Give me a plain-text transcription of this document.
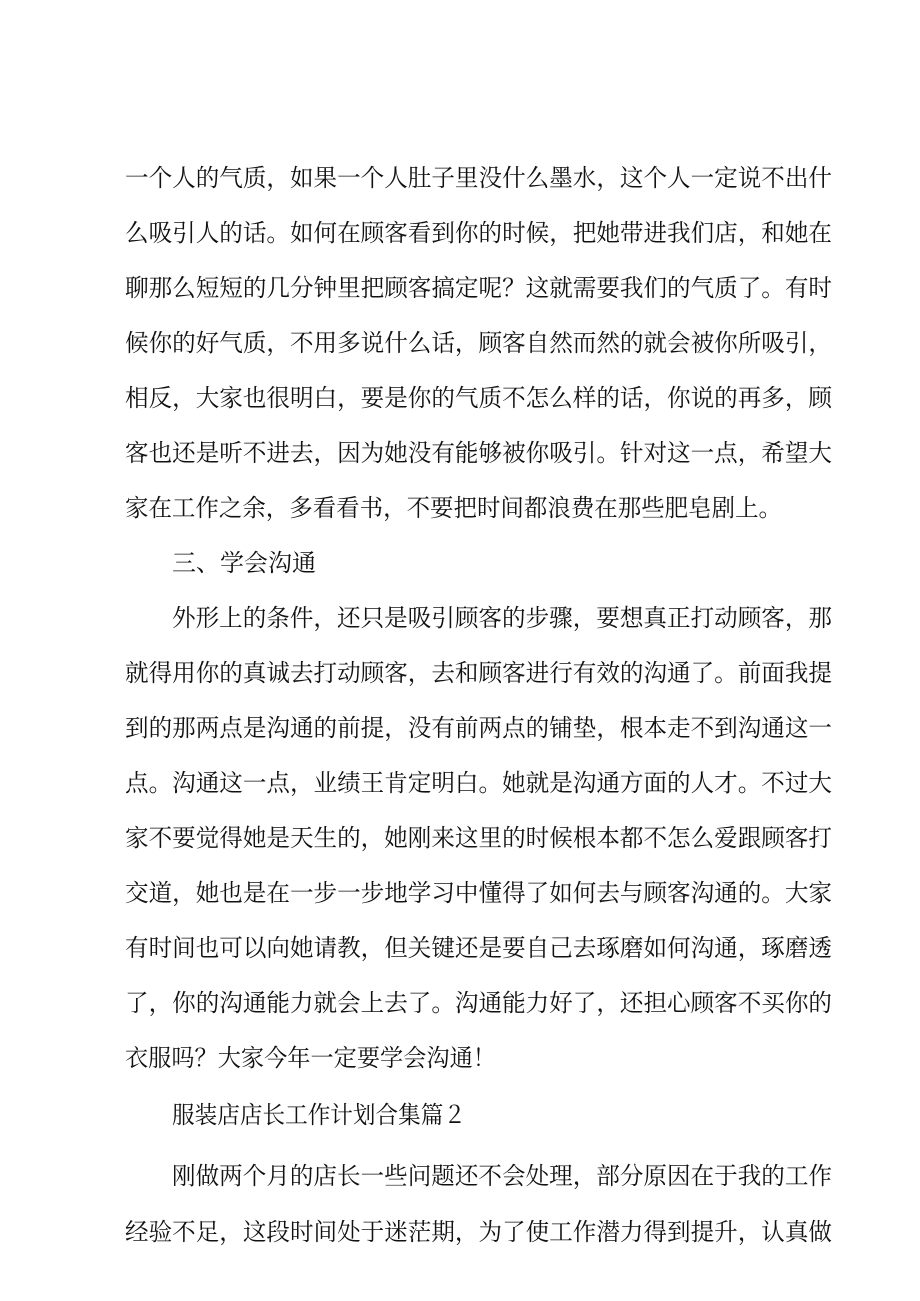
一个人的气质，如果一个人肚子里没什么墨水，这个人一定说不出什

么吸引人的话。如何在顾客看到你的时候，把她带进我们店，和她在

聊那么短短的几分钟里把顾客搞定呢？这就需要我们的气质了。有时

候你的好气质，不用多说什么话，顾客自然而然的就会被你所吸引，

相反，大家也很明白，要是你的气质不怎么样的话，你说的再多，顾

客也还是听不进去，因为她没有能够被你吸引。针对这一点，希望大

家在工作之余，多看看书，不要把时间都浪费在那些肥皂剧上。

三、学会沟通

外形上的条件，还只是吸引顾客的步骤，要想真正打动顾客，那

就得用你的真诚去打动顾客，去和顾客进行有效的沟通了。前面我提

到的那两点是沟通的前提，没有前两点的铺垫，根本走不到沟通这一

点。沟通这一点，业绩王肯定明白。她就是沟通方面的人才。不过大

家不要觉得她是天生的，她刚来这里的时候根本都不怎么爱跟顾客打

交道，她也是在一步一步地学习中懂得了如何去与顾客沟通的。大家

有时间也可以向她请教，但关键还是要自己去琢磨如何沟通，琢磨透

了，你的沟通能力就会上去了。沟通能力好了，还担心顾客不买你的

衣服吗？大家今年一定要学会沟通！

服装店店长工作计划合集篇２

刚做两个月的店长一些问题还不会处理，部分原因在于我的工作

经验不足，这段时间处于迷茫期，为了使工作潜力得到提升，认真做
